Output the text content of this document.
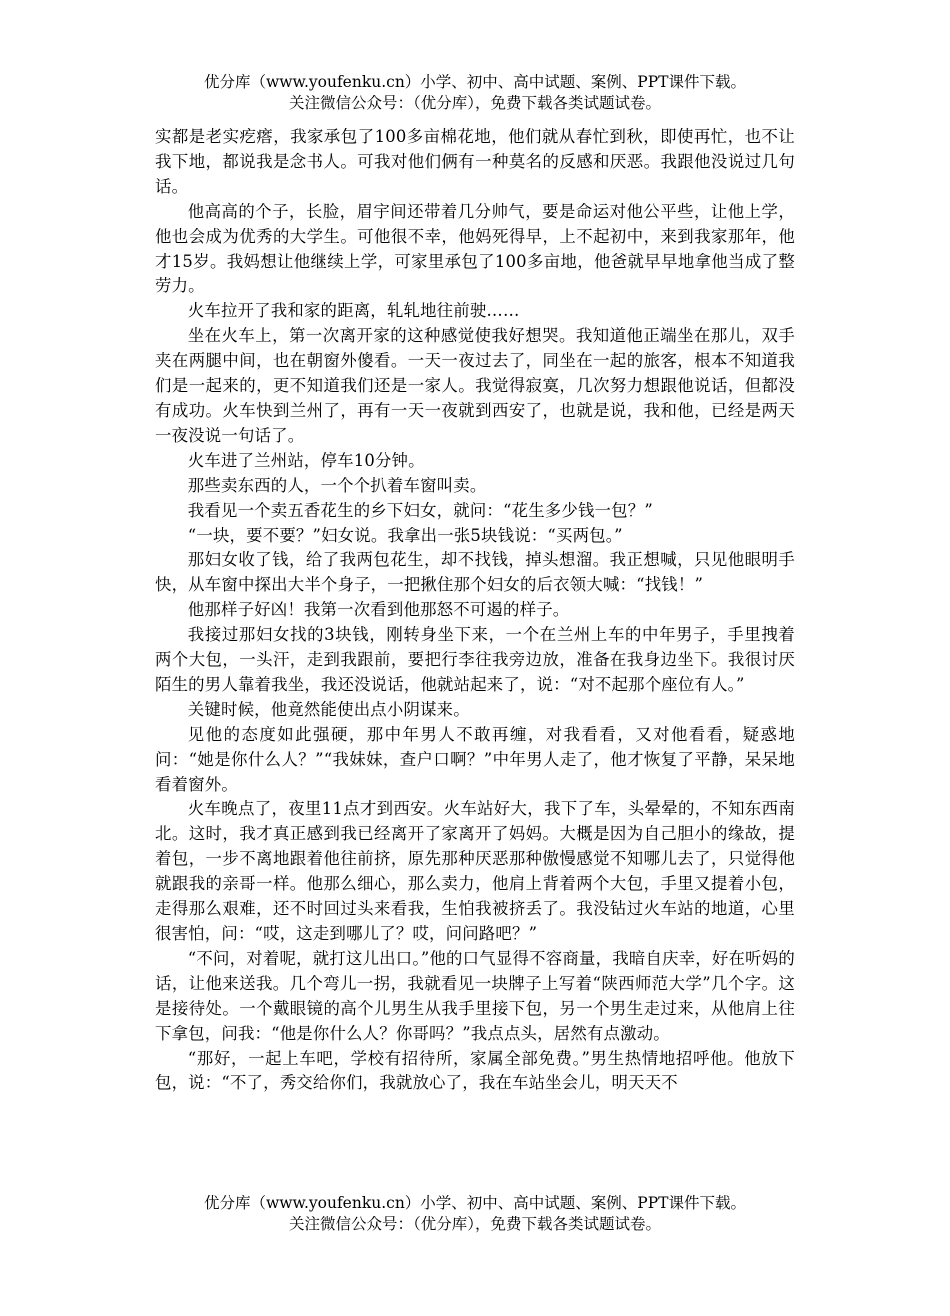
优分库（www.youfenku.cn）小学、初中、高中试题、案例、PPT课件下载。

关注微信公众号：（优分库），免费下载各类试题试卷。

实都是老实疙瘩，我家承包了100多亩棉花地，他们就从春忙到秋，即使再忙，也不让我下地，都说我是念书人。可我对他们俩有一种莫名的反感和厌恶。我跟他没说过几句话。

他高高的个子，长脸，眉宇间还带着几分帅气，要是命运对他公平些，让他上学，他也会成为优秀的大学生。可他很不幸，他妈死得早，上不起初中，来到我家那年，他才15岁。我妈想让他继续上学，可家里承包了100多亩地，他爸就早早地拿他当成了整劳力。

火车拉开了我和家的距离，轧轧地往前驶……

坐在火车上，第一次离开家的这种感觉使我好想哭。我知道他正端坐在那儿，双手夹在两腿中间，也在朝窗外傻看。一天一夜过去了，同坐在一起的旅客，根本不知道我们是一起来的，更不知道我们还是一家人。我觉得寂寞，几次努力想跟他说话，但都没有成功。火车快到兰州了，再有一天一夜就到西安了，也就是说，我和他，已经是两天一夜没说一句话了。

火车进了兰州站，停车10分钟。

那些卖东西的人，一个个扒着车窗叫卖。

我看见一个卖五香花生的乡下妇女，就问：“花生多少钱一包？”

“一块，要不要？”妇女说。我拿出一张5块钱说：“买两包。”

那妇女收了钱，给了我两包花生，却不找钱，掉头想溜。我正想喊，只见他眼明手快，从车窗中探出大半个身子，一把揪住那个妇女的后衣领大喊：“找钱！”

他那样子好凶！我第一次看到他那怒不可遏的样子。

我接过那妇女找的3块钱，刚转身坐下来，一个在兰州上车的中年男子，手里拽着两个大包，一头汗，走到我跟前，要把行李往我旁边放，准备在我身边坐下。我很讨厌陌生的男人靠着我坐，我还没说话，他就站起来了，说：“对不起那个座位有人。”

关键时候，他竟然能使出点小阴谋来。

见他的态度如此强硬，那中年男人不敢再缠，对我看看，又对他看看，疑惑地问：“她是你什么人？”“我妹妹，查户口啊？”中年男人走了，他才恢复了平静，呆呆地看着窗外。

火车晚点了，夜里11点才到西安。火车站好大，我下了车，头晕晕的，不知东西南北。这时，我才真正感到我已经离开了家离开了妈妈。大概是因为自己胆小的缘故，提着包，一步不离地跟着他往前挤，原先那种厌恶那种傲慢感觉不知哪儿去了，只觉得他就跟我的亲哥一样。他那么细心，那么卖力，他肩上背着两个大包，手里又提着小包，走得那么艰难，还不时回过头来看我，生怕我被挤丢了。我没钻过火车站的地道，心里很害怕，问：“哎，这走到哪儿了？哎，问问路吧？”

“不问，对着呢，就打这儿出口。”他的口气显得不容商量，我暗自庆幸，好在听妈的话，让他来送我。几个弯儿一拐，我就看见一块牌子上写着“陕西师范大学”几个字。这是接待处。一个戴眼镜的高个儿男生从我手里接下包，另一个男生走过来，从他肩上往下拿包，问我：“他是你什么人？你哥吗？”我点点头，居然有点激动。

“那好，一起上车吧，学校有招待所，家属全部免费。”男生热情地招呼他。他放下包，说：“不了，秀交给你们，我就放心了，我在车站坐会儿，明天天不

优分库（www.youfenku.cn）小学、初中、高中试题、案例、PPT课件下载。

关注微信公众号：（优分库），免费下载各类试题试卷。
